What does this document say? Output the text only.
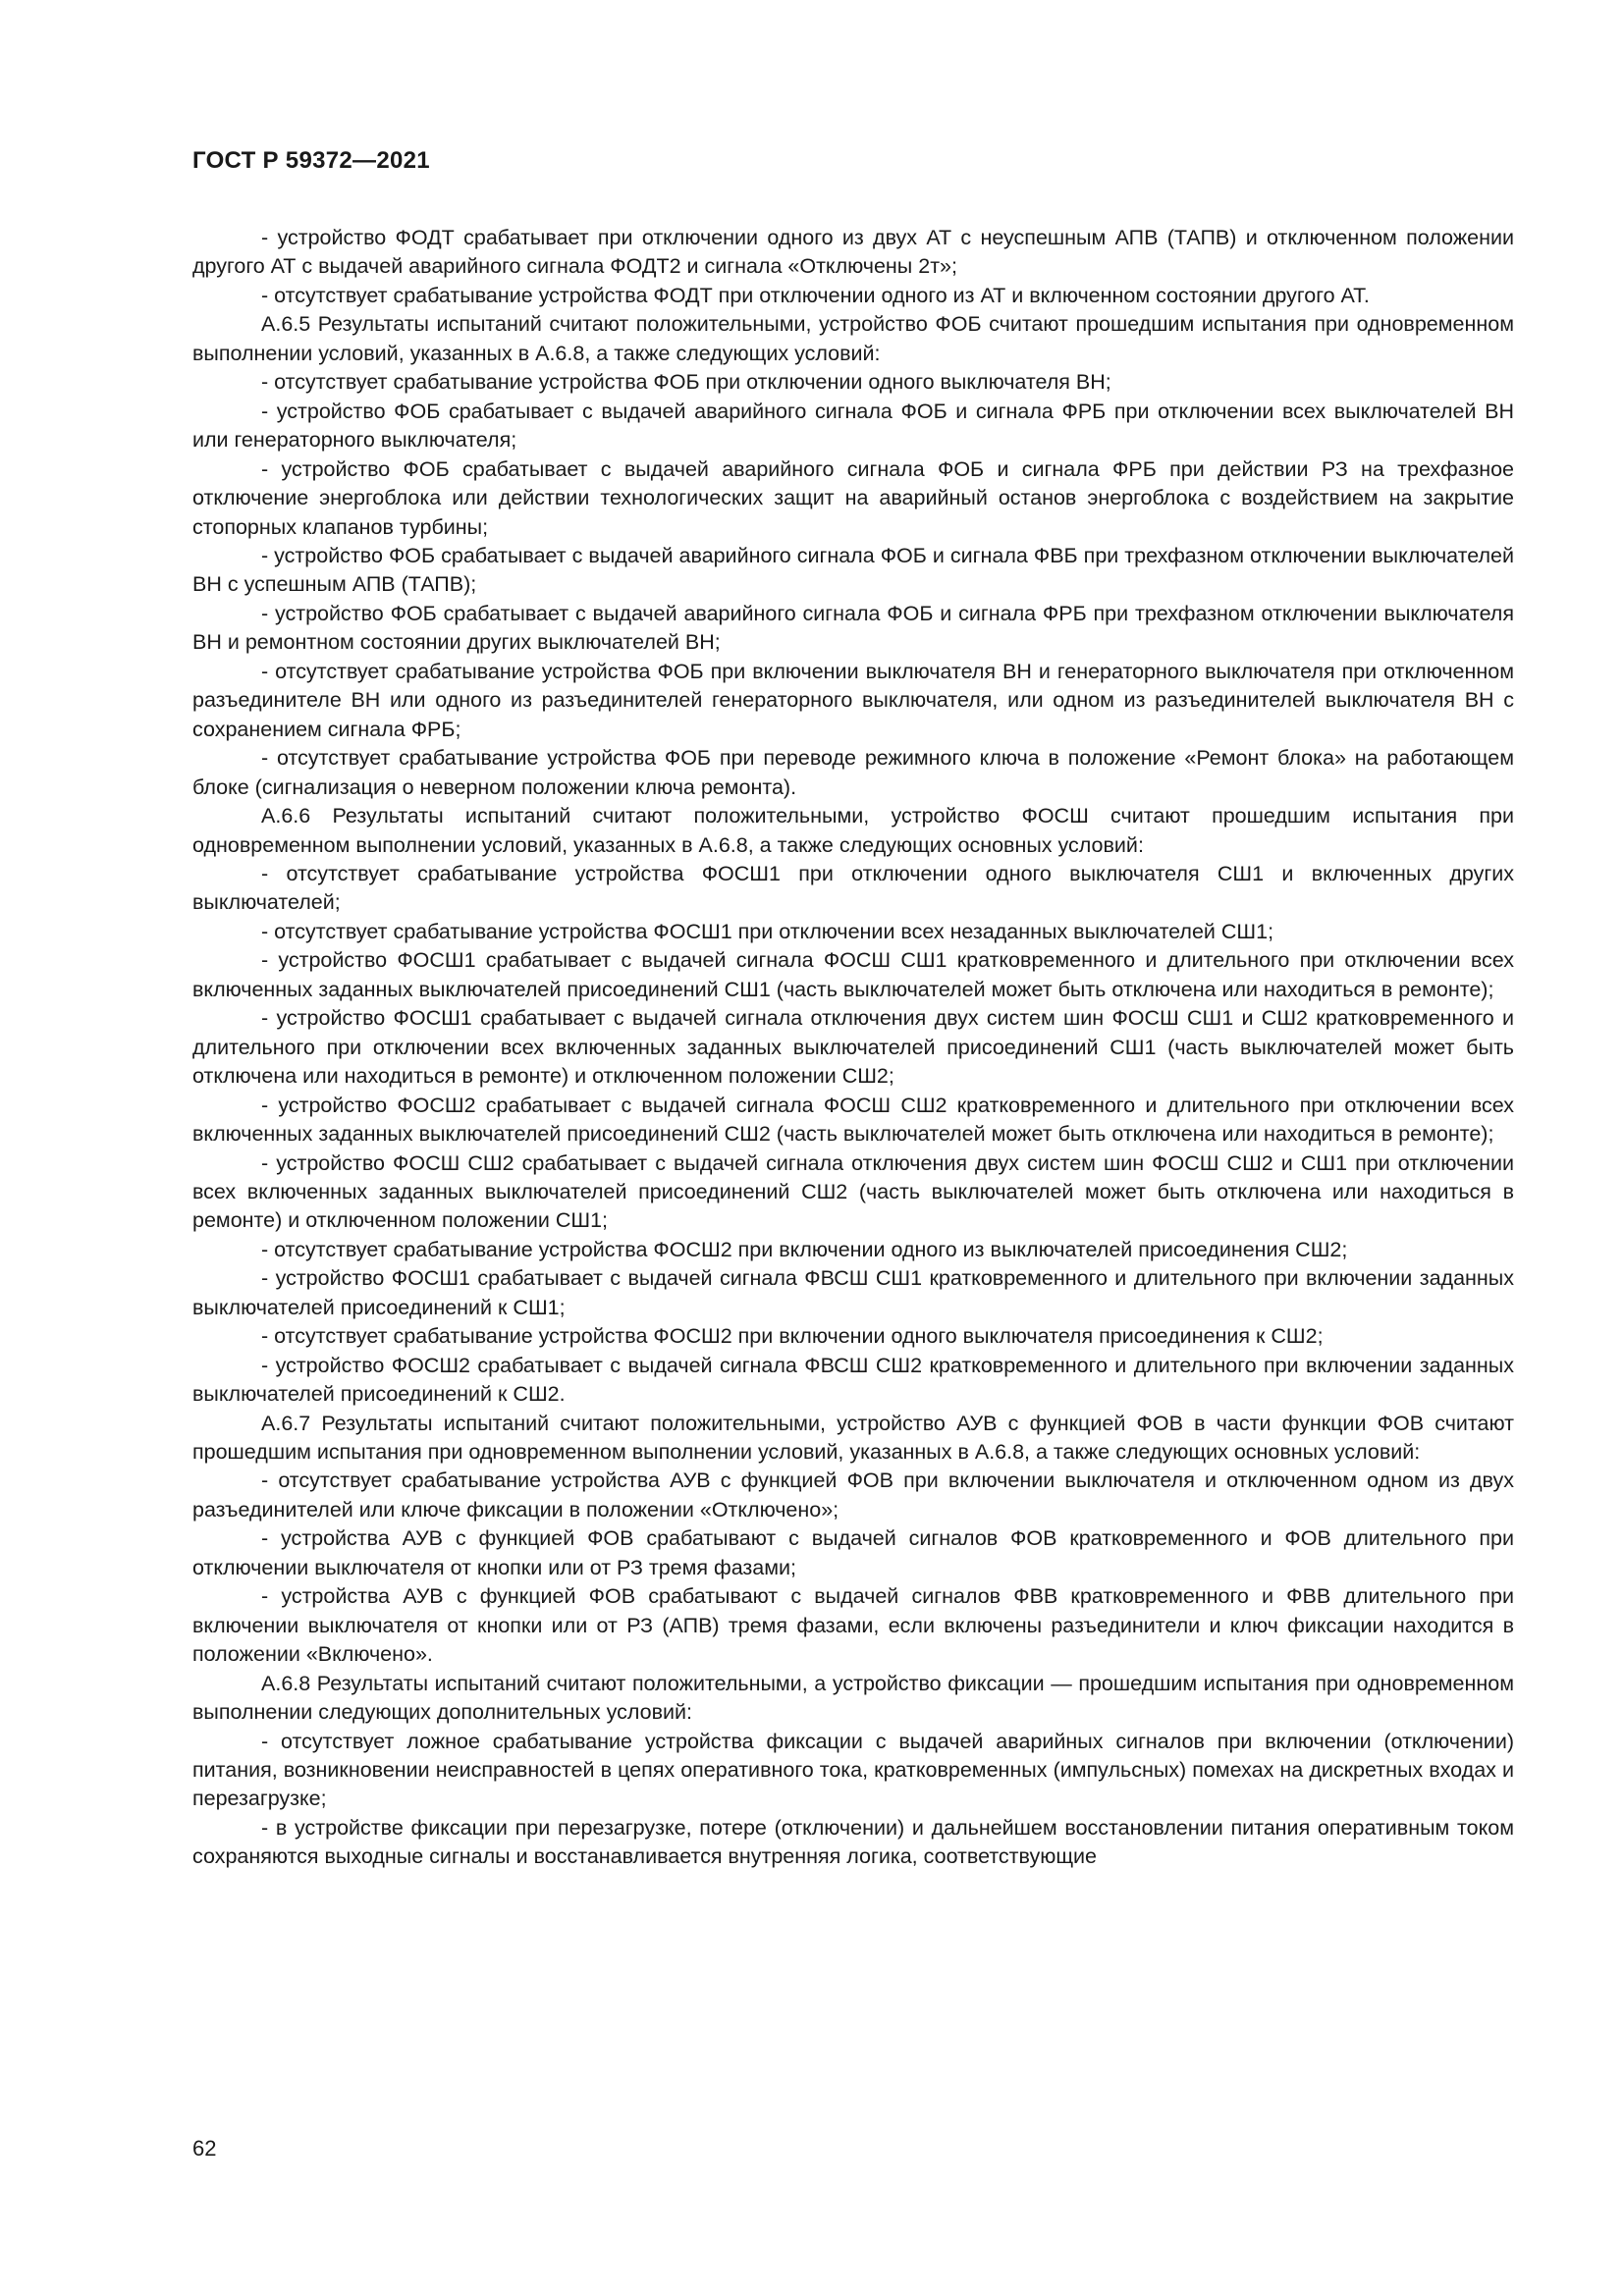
ГОСТ Р 59372—2021

- устройство ФОДТ срабатывает при отключении одного из двух АТ с неуспешным АПВ (ТАПВ) и отключенном положении другого АТ с выдачей аварийного сигнала ФОДТ2 и сигнала «Отключены 2т»;

- отсутствует срабатывание устройства ФОДТ при отключении одного из АТ и включенном состоянии другого АТ.

А.6.5 Результаты испытаний считают положительными, устройство ФОБ считают прошедшим испытания при одновременном выполнении условий, указанных в А.6.8, а также следующих условий:

- отсутствует срабатывание устройства ФОБ при отключении одного выключателя ВН;

- устройство ФОБ срабатывает с выдачей аварийного сигнала ФОБ и сигнала ФРБ при отключении всех выключателей ВН или генераторного выключателя;

- устройство ФОБ срабатывает с выдачей аварийного сигнала ФОБ и сигнала ФРБ при действии РЗ на трехфазное отключение энергоблока или действии технологических защит на аварийный останов энергоблока с воздействием на закрытие стопорных клапанов турбины;

- устройство ФОБ срабатывает с выдачей аварийного сигнала ФОБ и сигнала ФВБ при трехфазном отключении выключателей ВН с успешным АПВ (ТАПВ);

- устройство ФОБ срабатывает с выдачей аварийного сигнала ФОБ и сигнала ФРБ при трехфазном отключении выключателя ВН и ремонтном состоянии других выключателей ВН;

- отсутствует срабатывание устройства ФОБ при включении выключателя ВН и генераторного выключателя при отключенном разъединителе ВН или одного из разъединителей генераторного выключателя, или одном из разъединителей выключателя ВН с сохранением сигнала ФРБ;

- отсутствует срабатывание устройства ФОБ при переводе режимного ключа в положение «Ремонт блока» на работающем блоке (сигнализация о неверном положении ключа ремонта).

А.6.6 Результаты испытаний считают положительными, устройство ФОСШ считают прошедшим испытания при одновременном выполнении условий, указанных в А.6.8, а также следующих основных условий:

- отсутствует срабатывание устройства ФОСШ1 при отключении одного выключателя СШ1 и включенных других выключателей;

- отсутствует срабатывание устройства ФОСШ1 при отключении всех незаданных выключателей СШ1;

- устройство ФОСШ1 срабатывает с выдачей сигнала ФОСШ СШ1 кратковременного и длительного при отключении всех включенных заданных выключателей присоединений СШ1 (часть выключателей может быть отключена или находиться в ремонте);

- устройство ФОСШ1 срабатывает с выдачей сигнала отключения двух систем шин ФОСШ СШ1 и СШ2 кратковременного и длительного при отключении всех включенных заданных выключателей присоединений СШ1 (часть выключателей может быть отключена или находиться в ремонте) и отключенном положении СШ2;

- устройство ФОСШ2 срабатывает с выдачей сигнала ФОСШ СШ2 кратковременного и длительного при отключении всех включенных заданных выключателей присоединений СШ2 (часть выключателей может быть отключена или находиться в ремонте);

- устройство ФОСШ СШ2 срабатывает с выдачей сигнала отключения двух систем шин ФОСШ СШ2 и СШ1 при отключении всех включенных заданных выключателей присоединений СШ2 (часть выключателей может быть отключена или находиться в ремонте) и отключенном положении СШ1;

- отсутствует срабатывание устройства ФОСШ2 при включении одного из выключателей присоединения СШ2;

- устройство ФОСШ1 срабатывает с выдачей сигнала ФВСШ СШ1 кратковременного и длительного при включении заданных выключателей присоединений к СШ1;

- отсутствует срабатывание устройства ФОСШ2 при включении одного выключателя присоединения к СШ2;

- устройство ФОСШ2 срабатывает с выдачей сигнала ФВСШ СШ2 кратковременного и длительного при включении заданных выключателей присоединений к СШ2.

А.6.7 Результаты испытаний считают положительными, устройство АУВ с функцией ФОВ в части функции ФОВ считают прошедшим испытания при одновременном выполнении условий, указанных в А.6.8, а также следующих основных условий:

- отсутствует срабатывание устройства АУВ с функцией ФОВ при включении выключателя и отключенном одном из двух разъединителей или ключе фиксации в положении «Отключено»;

- устройства АУВ с функцией ФОВ срабатывают с выдачей сигналов ФОВ кратковременного и ФОВ длительного при отключении выключателя от кнопки или от РЗ тремя фазами;

- устройства АУВ с функцией ФОВ срабатывают с выдачей сигналов ФВВ кратковременного и ФВВ длительного при включении выключателя от кнопки или от РЗ (АПВ) тремя фазами, если включены разъединители и ключ фиксации находится в положении «Включено».

А.6.8 Результаты испытаний считают положительными, а устройство фиксации — прошедшим испытания при одновременном выполнении следующих дополнительных условий:

- отсутствует ложное срабатывание устройства фиксации с выдачей аварийных сигналов при включении (отключении) питания, возникновении неисправностей в цепях оперативного тока, кратковременных (импульсных) помехах на дискретных входах и перезагрузке;

- в устройстве фиксации при перезагрузке, потере (отключении) и дальнейшем восстановлении питания оперативным током сохраняются выходные сигналы и восстанавливается внутренняя логика, соответствующие

62
